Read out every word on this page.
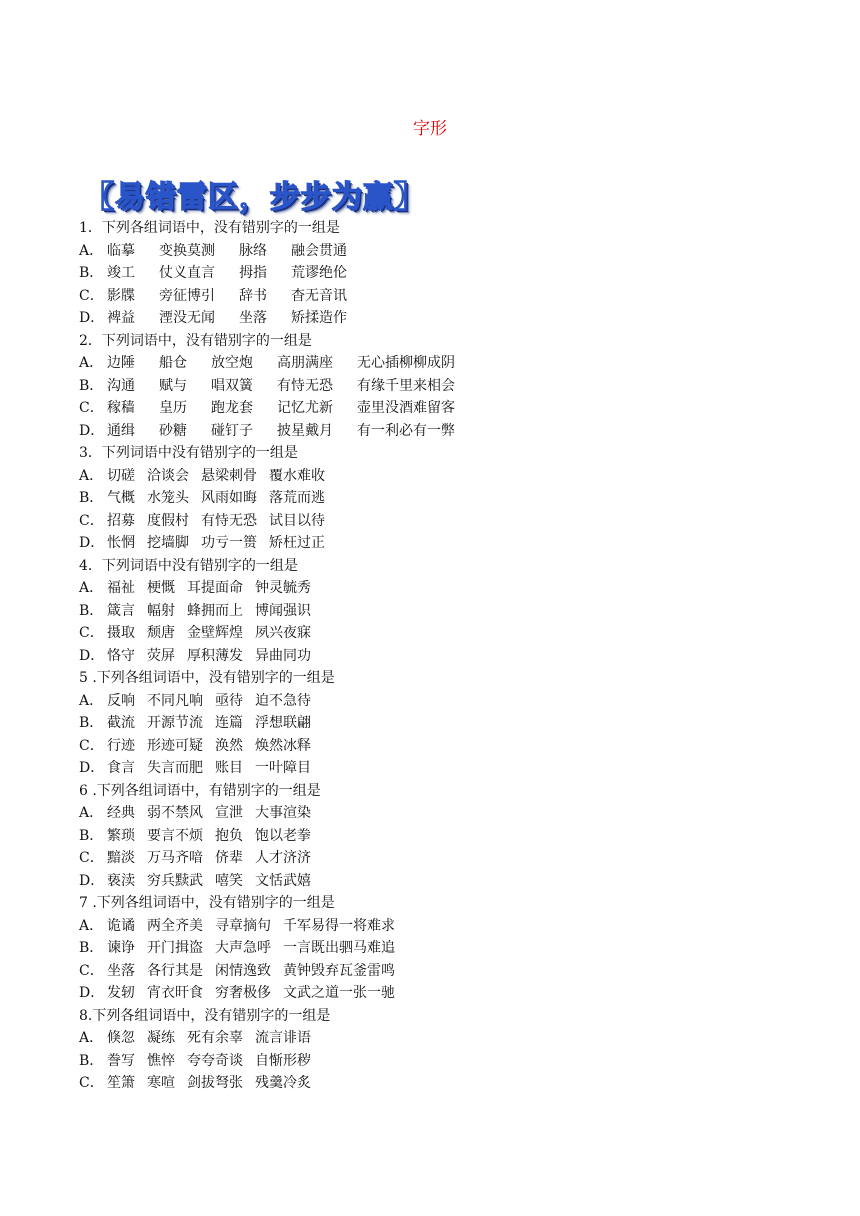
字形
【易错雷区，步步为赢】
1．下列各组词语中，没有错别字的一组是
A． 临摹 变换莫测 脉络 融会贯通
B． 竣工 仗义直言 拇指 荒谬绝伦
C． 影牒 旁征博引 辞书 杳无音讯
D． 裨益 湮没无闻 坐落 矫揉造作
2．下列词语中，没有错别字的一组是
A． 边陲 船仓 放空炮 高朋满座 无心插柳柳成阴
B． 沟通 赋与 唱双簧 有恃无恐 有缘千里来相会
C． 稼穑 皇历 跑龙套 记忆尤新 壶里没酒难留客
D． 通缉 砂糖 碰钉子 披星戴月 有一利必有一弊
3．下列词语中没有错别字的一组是
A． 切磋 洽谈会 悬梁刺骨 覆水难收
B． 气概 水笼头 风雨如晦 落荒而逃
C． 招募 度假村 有恃无恐 试目以待
D． 怅惘 挖墙脚 功亏一篑 矫枉过正
4．下列词语中没有错别字的一组是
A． 福祉 梗慨 耳提面命 钟灵毓秀
B． 箴言 幅射 蜂拥而上 博闻强识
C． 摄取 颓唐 金壁辉煌 夙兴夜寐
D． 恪守 荧屏 厚积薄发 异曲同功
5 .下列各组词语中，没有错别字的一组是
A． 反响 不同凡响 亟待 迫不急待
B． 截流 开源节流 连篇 浮想联翩
C． 行迹 形迹可疑 涣然 焕然冰释
D． 食言 失言而肥 账目 一叶障目
6 .下列各组词语中，有错别字的一组是
A． 经典 弱不禁风 宣泄 大事渲染
B． 繁琐 要言不烦 抱负 饱以老拳
C． 黯淡 万马齐喑 侪辈 人才济济
D． 亵渎 穷兵黩武 嘻笑 文恬武嬉
7 .下列各组词语中，没有错别字的一组是
A． 诡谲 两全齐美 寻章摘句 千军易得一将难求
B． 谏诤 开门揖盗 大声急呼 一言既出驷马难追
C． 坐落 各行其是 闲情逸致 黄钟毁弃瓦釜雷鸣
D． 发轫 宵衣旰食 穷奢极侈 文武之道一张一驰
8.下列各组词语中，没有错别字的一组是
A． 倏忽 凝练 死有余辜 流言诽语
B． 誊写 憔悴 夸夸奇谈 自惭形秽
C． 笙箫 寒喧 剑拔弩张 残羹冷炙
